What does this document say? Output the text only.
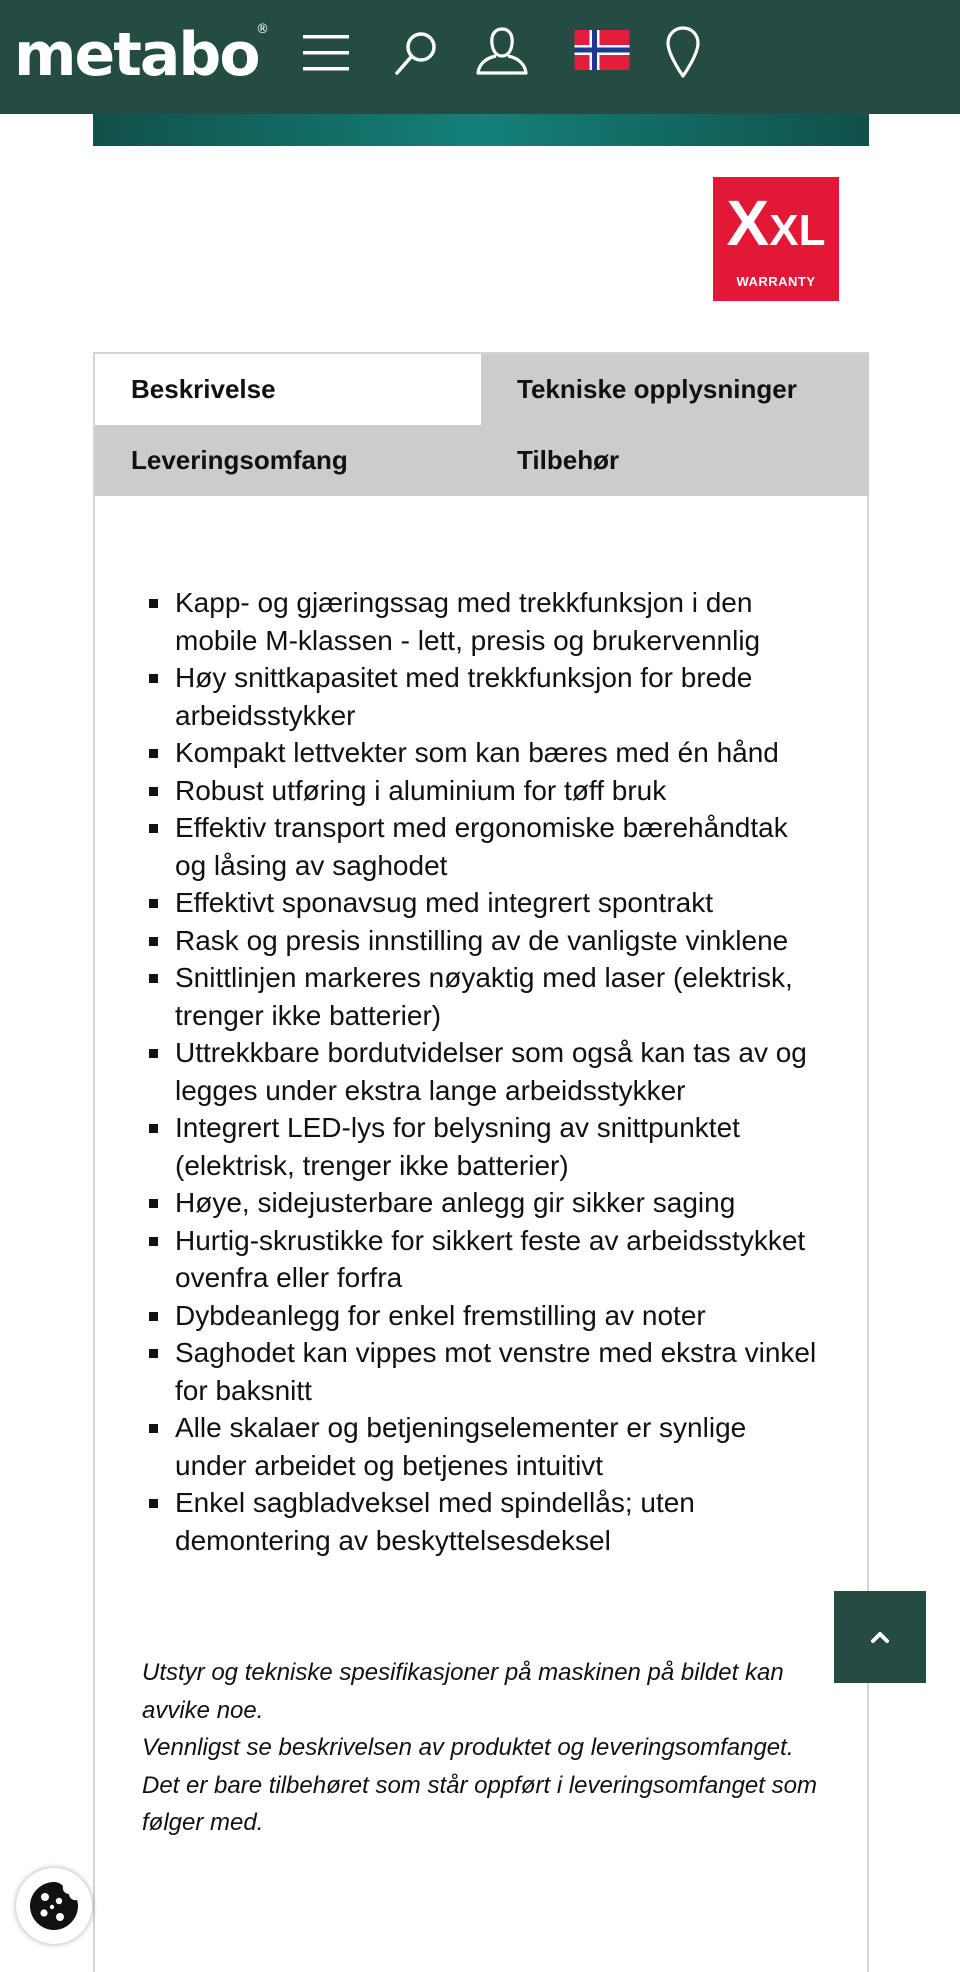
metabo
®
XXL
WARRANTY
Beskrivelse	Tekniske opplysninger
Leveringsomfang	Tilbehør
Kapp- og gjæringssag med trekkfunksjon i den mobile M-klassen - lett, presis og brukervennlig
Høy snittkapasitet med trekkfunksjon for brede arbeidsstykker
Kompakt lettvekter som kan bæres med én hånd
Robust utføring i aluminium for tøff bruk
Effektiv transport med ergonomiske bærehåndtak og låsing av saghodet
Effektivt sponavsug med integrert spontrakt
Rask og presis innstilling av de vanligste vinklene
Snittlinjen markeres nøyaktig med laser (elektrisk, trenger ikke batterier)
Uttrekkbare bordutvidelser som også kan tas av og legges under ekstra lange arbeidsstykker
Integrert LED-lys for belysning av snittpunktet (elektrisk, trenger ikke batterier)
Høye, sidejusterbare anlegg gir sikker saging
Hurtig-skrustikke for sikkert feste av arbeidsstykket ovenfra eller forfra
Dybdeanlegg for enkel fremstilling av noter
Saghodet kan vippes mot venstre med ekstra vinkel for baksnitt
Alle skalaer og betjeningselementer er synlige under arbeidet og betjenes intuitivt
Enkel sagbladveksel med spindellås; uten demontering av beskyttelsesdeksel

Utstyr og tekniske spesifikasjoner på maskinen på bildet kan avvike noe.

Vennligst se beskrivelsen av produktet og leveringsomfanget.

Det er bare tilbehøret som står oppført i leveringsomfanget som følger med.
